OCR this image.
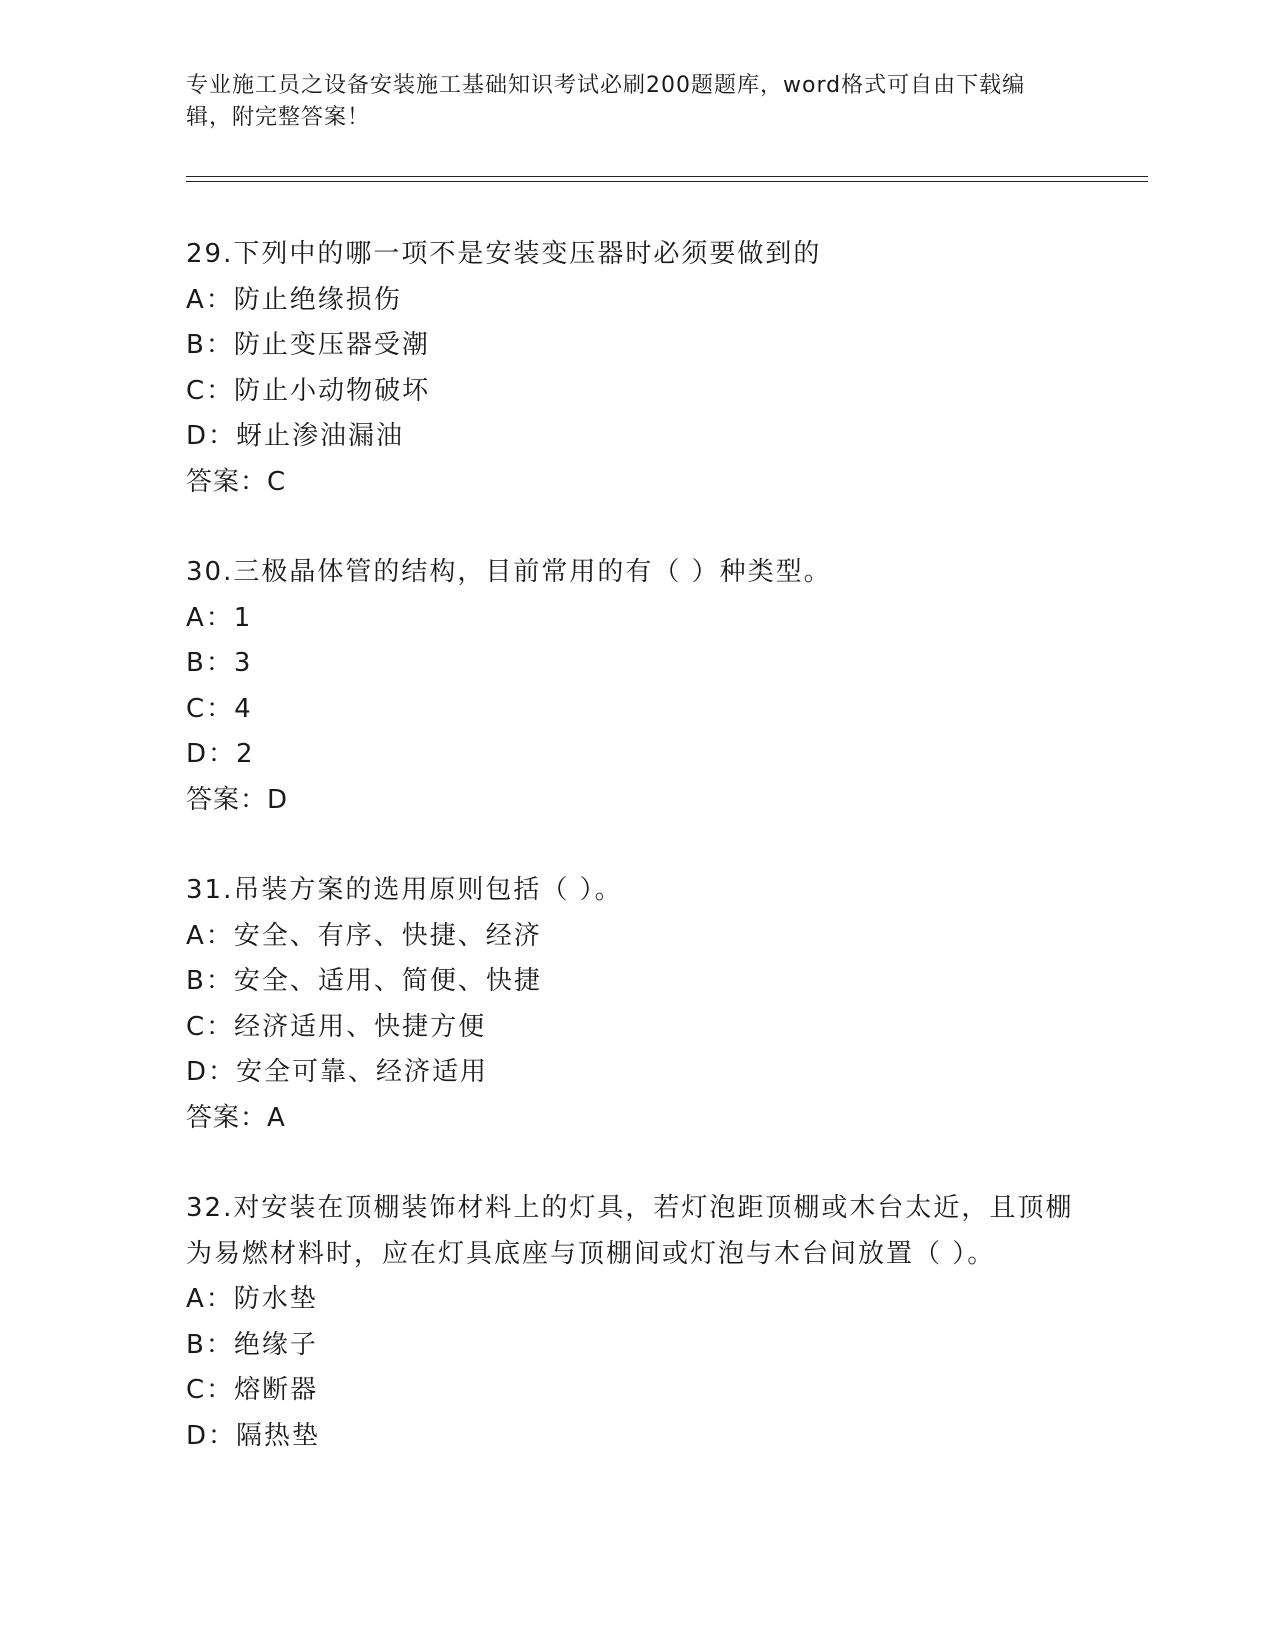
专业施工员之设备安装施工基础知识考试必刷200题题库，word格式可自由下载编辑，附完整答案！
29.下列中的哪一项不是安装变压器时必须要做到的
A：防止绝缘损伤
B：防止变压器受潮
C：防止小动物破坏
D：蚜止渗油漏油
答案：C
30.三极晶体管的结构，目前常用的有（ ）种类型。
A：1
B：3
C：4
D：2
答案：D
31.吊装方案的选用原则包括（ ）。
A：安全、有序、快捷、经济
B：安全、适用、简便、快捷
C：经济适用、快捷方便
D：安全可靠、经济适用
答案：A
32.对安装在顶棚装饰材料上的灯具，若灯泡距顶棚或木台太近，且顶棚为易燃材料时，应在灯具底座与顶棚间或灯泡与木台间放置（ ）。
A：防水垫
B：绝缘子
C：熔断器
D：隔热垫
